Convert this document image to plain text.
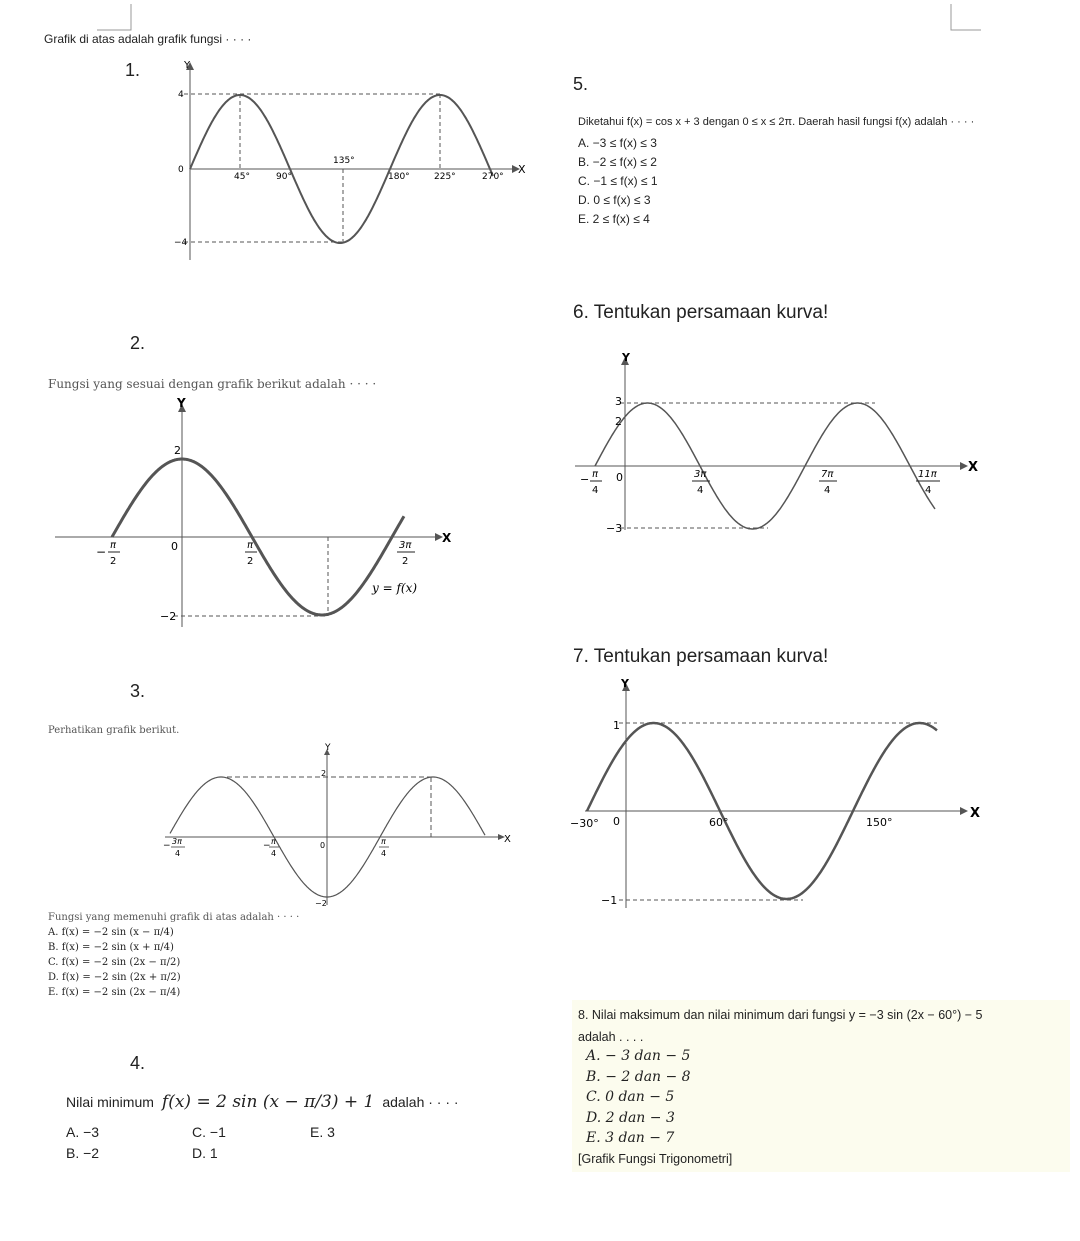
Grafik di atas adalah grafik fungsi · · · ·
1.	Y
X
4
0
−4
45°	90°
135°
180°	225°	270°
2.
Fungsi yang sesuai dengan grafik berikut adalah · · · ·
Y
X
2
0
−2
− π
2
π
2
3π
2
y = f(x)
3.
Perhatikan grafik berikut.
Y
X
2
0
−2
− 3π
4
− π
4
π
4
Fungsi yang memenuhi grafik di atas adalah · · · ·
A. f(x) = −2 sin (x − π/4)
B. f(x) = −2 sin (x + π/4)
C. f(x) = −2 sin (2x − π/2)
D. f(x) = −2 sin (2x + π/2)
E. f(x) = −2 sin (2x − π/4)
4.
Nilai minimum f(x) = 2 sin (x − π/3) + 1 adalah · · · ·
A. −3
B. −2
C. −1
D. 1
E. 3
5.
Diketahui f(x) = cos x + 3 dengan 0 ≤ x ≤ 2π. Daerah hasil fungsi f(x) adalah · · · ·
A. −3 ≤ f(x) ≤ 3
B. −2 ≤ f(x) ≤ 2
C. −1 ≤ f(x) ≤ 1
D. 0 ≤ f(x) ≤ 3
E. 2 ≤ f(x) ≤ 4
6. Tentukan persamaan kurva!
Y
X
3
2
0
−3
− π
4
3π
4
7π
4
11π
4
7. Tentukan persamaan kurva!
Y
X
1
0
−1
−30°	60°	150°
8. Nilai maksimum dan nilai minimum dari fungsi y = −3 sin (2x − 60°) − 5
adalah . . . .
A. − 3 dan − 5
B. − 2 dan − 8
C. 0 dan − 5
D. 2 dan − 3
E. 3 dan − 7
[Grafik Fungsi Trigonometri]
